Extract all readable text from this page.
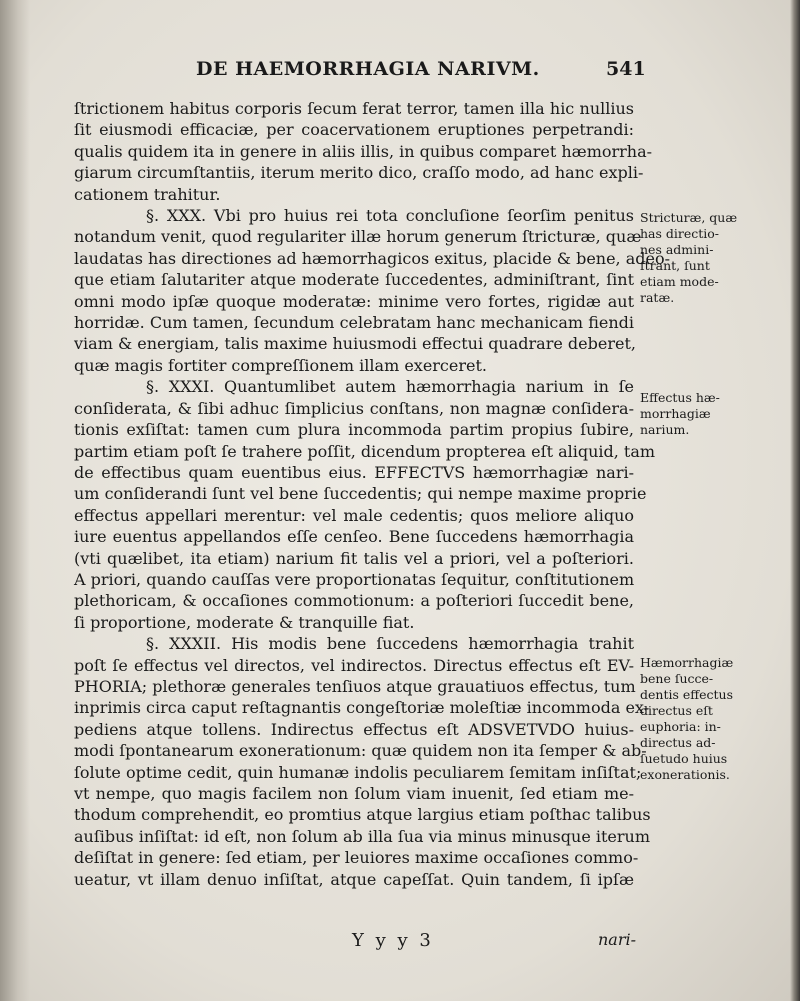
DE HAEMORRHAGIA NARIVM.	541
ſtrictionem habitus corporis ſecum ferat terror, tamen illa hic nullius
ſit eiusmodi efficaciæ, per coacervationem eruptiones perpetrandi:
qualis quidem ita in genere in aliis illis, in quibus comparet hæmorrha-
giarum circumſtantiis, iterum merito dico, craſſo modo, ad hanc expli-
cationem trahitur.
§. XXX. Vbi pro huius rei tota concluſione ſeorſim penitus
notandum venit, quod regulariter illæ horum generum ſtricturæ, quæ
laudatas has directiones ad hæmorrhagicos exitus, placide & bene, adeo-
que etiam ſalutariter atque moderate ſuccedentes, adminiſtrant, ſint
omni modo ipſæ quoque moderatæ: minime vero fortes, rigidæ aut
horridæ. Cum tamen, ſecundum celebratam hanc mechanicam fiendi
viam & energiam, talis maxime huiusmodi effectui quadrare deberet,
quæ magis fortiter compreſſionem illam exerceret.
§. XXXI. Quantumlibet autem hæmorrhagia narium in ſe
conſiderata, & ſibi adhuc ſimplicius conſtans, non magnæ conſidera-
tionis exſiſtat: tamen cum plura incommoda partim propius ſubire,
partim etiam poſt ſe trahere poſſit, dicendum propterea eſt aliquid, tam
de effectibus quam euentibus eius. EFFECTVS hæmorrhagiæ nari-
um conſiderandi ſunt vel bene ſuccedentis; qui nempe maxime proprie
effectus appellari merentur: vel male cedentis; quos meliore aliquo
iure euentus appellandos eſſe cenſeo. Bene ſuccedens hæmorrhagia
(vti quælibet, ita etiam) narium fit talis vel a priori, vel a poſteriori.
A priori, quando cauſſas vere proportionatas ſequitur, conſtitutionem
plethoricam, & occaſiones commotionum: a poſteriori ſuccedit bene,
ſi proportione, moderate & tranquille fiat.
§. XXXII. His modis bene ſuccedens hæmorrhagia trahit
poſt ſe effectus vel directos, vel indirectos. Directus effectus eſt EV-
PHORIA; plethoræ generales tenſiuos atque grauatiuos effectus, tum
inprimis circa caput reſtagnantis congeſtoriæ moleſtiæ incommoda ex-
pediens atque tollens. Indirectus effectus eſt ADSVETVDO huius-
modi ſpontanearum exonerationum: quæ quidem non ita ſemper & ab-
ſolute optime cedit, quin humanæ indolis peculiarem ſemitam inſiſtat;
vt nempe, quo magis facilem non ſolum viam inuenit, ſed etiam me-
thodum comprehendit, eo promtius atque largius etiam poſthac talibus
auſibus inſiſtat: id eſt, non ſolum ab illa ſua via minus minusque iterum
deſiſtat in genere: ſed etiam, per leuiores maxime occaſiones commo-
ueatur, vt illam denuo inſiſtat, atque capeſſat. Quin tandem, ſi ipſæ
Stricturæ, quæ
has directio-
nes admini-
ſtrant, ſunt
etiam mode-
ratæ.
Effectus hæ-
morrhagiæ
narium.
Hæmorrhagiæ
bene ſucce-
dentis effectus
directus eſt
euphoria: in-
directus ad-
ſuetudo huius
exonerationis.
Y y y 3	nari-
